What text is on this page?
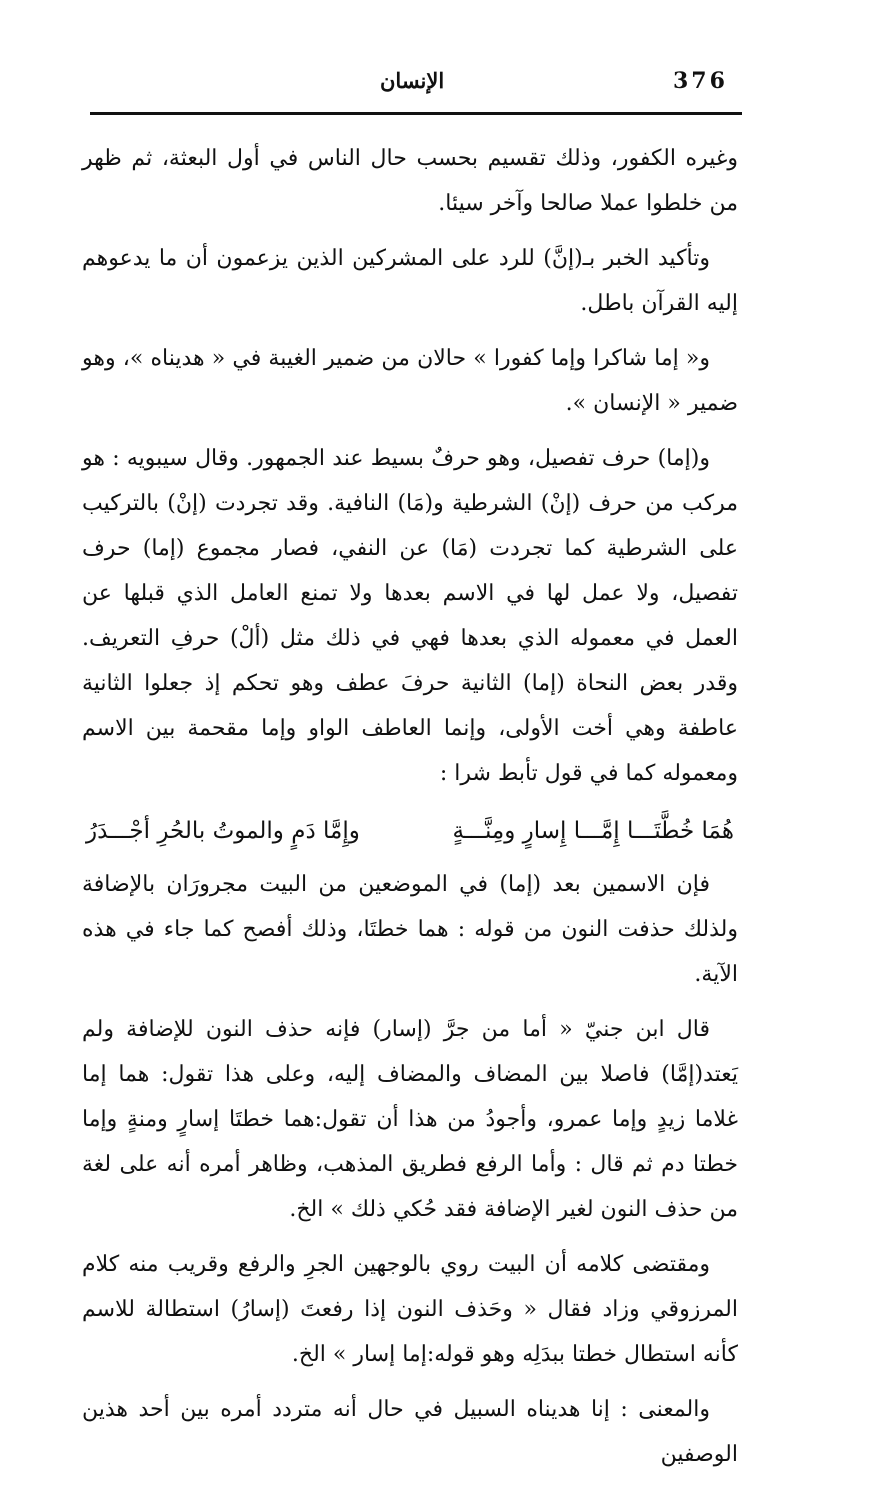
376
الإنسان

وغيره الكفور، وذلك تقسيم بحسب حال الناس في أول البعثة، ثم ظهر من خلطوا عملا صالحا وآخر سيئا.

وتأكيد الخبر بـ(إنَّ) للرد على المشركين الذين يزعمون أن ما يدعوهم إليه القرآن باطل.

و« إما شاكرا وإما كفورا » حالان من ضمير الغيبة في « هديناه »، وهو ضمير « الإنسان ».

و(إما) حرف تفصيل، وهو حرفٌ بسيط عند الجمهور. وقال سيبويه : هو مركب من حرف (إنْ) الشرطية و(مَا) النافية. وقد تجردت (إنْ) بالتركيب على الشرطية كما تجردت (مَا) عن النفي، فصار مجموع (إما) حرف تفصيل، ولا عمل لها في الاسم بعدها ولا تمنع العامل الذي قبلها عن العمل في معموله الذي بعدها فهي في ذلك مثل (ألْ) حرفِ التعريف. وقدر بعض النحاة (إما) الثانية حرفَ عطف وهو تحكم إذ جعلوا الثانية عاطفة وهي أخت الأولى، وإنما العاطف الواو وإما مقحمة بين الاسم ومعموله كما في قول تأبط شرا :

هُمَا خُطَّتَـــا إِمَّـــا إِسارٍ ومِنَّـــةٍ
وإِمَّا دَمٍ والموتُ بالحُرِ أجْـــدَرُ

فإن الاسمين بعد (إما) في الموضعين من البيت مجرورَان بالإضافة ولذلك حذفت النون من قوله : هما خطتَا، وذلك أفصح كما جاء في هذه الآية.

قال ابن جنيّ « أما من جرَّ (إسار) فإنه حذف النون للإضافة ولم يَعتد(إمَّا) فاصلا بين المضاف والمضاف إليه، وعلى هذا تقول: هما إما غلاما زيدٍ وإما عمرو، وأجودُ من هذا أن تقول:هما خطتَا إسارٍ ومنةٍ وإما خطتا دم ثم قال : وأما الرفع فطريق المذهب، وظاهر أمره أنه على لغة من حذف النون لغير الإضافة فقد حُكي ذلك » الخ.

ومقتضى كلامه أن البيت روي بالوجهين الجرِ والرفع وقريب منه كلام المرزوقي وزاد فقال « وحَذف النون إذا رفعتَ (إسارُ) استطالة للاسم كأنه استطال خطتا ببدَلِه وهو قوله:إما إسار » الخ.

والمعنى : إنا هديناه السبيل في حال أنه متردد أمره بين أحد هذين الوصفين
